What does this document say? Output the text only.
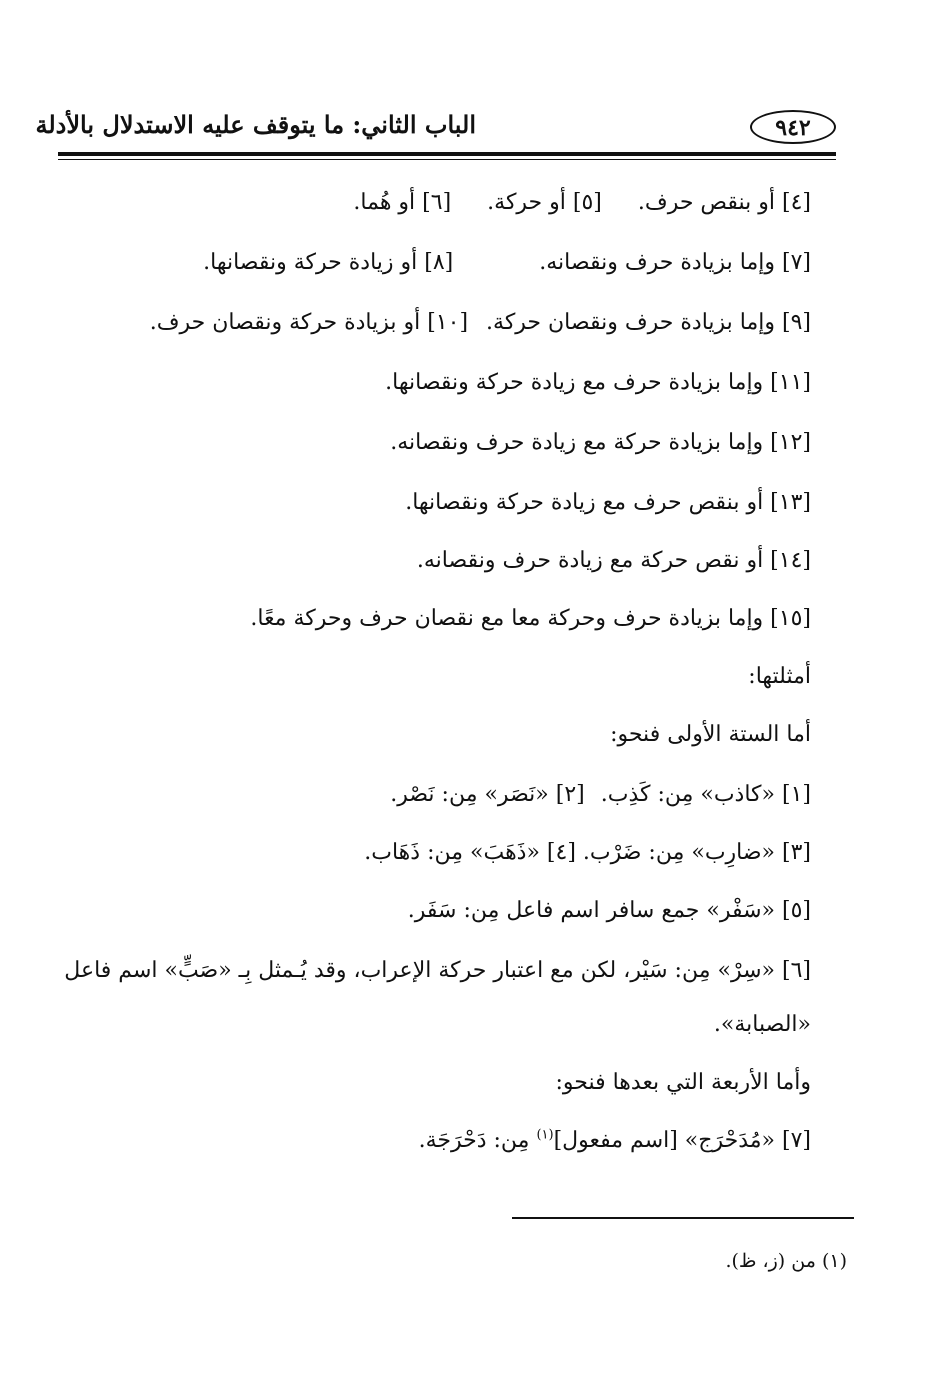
٩٤٢
الباب الثاني: ما يتوقف عليه الاستدلال بالأدلة
[٤] أو بنقص حرف.[٥] أو حركة.[٦] أو هُما.
[٧] وإما بزيادة حرف ونقصانه.[٨] أو زيادة حركة ونقصانها.
[٩] وإما بزيادة حرف ونقصان حركة.[١٠] أو بزيادة حركة ونقصان حرف.
[١١] وإما بزيادة حرف مع زيادة حركة ونقصانها.
[١٢] وإما بزيادة حركة مع زيادة حرف ونقصانه.
[١٣] أو بنقص حرف مع زيادة حركة ونقصانها.
[١٤] أو نقص حركة مع زيادة حرف ونقصانه.
[١٥] وإما بزيادة حرف وحركة معا مع نقصان حرف وحركة معًا.
أمثلتها:
أما الستة الأولى فنحو:
[١] «كاذب» مِن: كَذِب.[٢] «نَصَر» مِن: نَصْر.
[٣] «ضارِب» مِن: ضَرْب. [٤] «ذَهَبَ» مِن: ذَهَاب.
[٥] «سَفْر» جمع سافر اسم فاعل مِن: سَفَر.
[٦] «سِرْ» مِن: سَيْر، لكن مع اعتبار حركة الإعراب، وقد يُـمثل بِـ «صَبٍّ» اسم فاعل
«الصبابة».
وأما الأربعة التي بعدها فنحو:
[٧] «مُدَحْرَج» [اسم مفعول]$^{(١)}$ مِن: دَحْرَجَة.
(١) من (ز، ظ).
